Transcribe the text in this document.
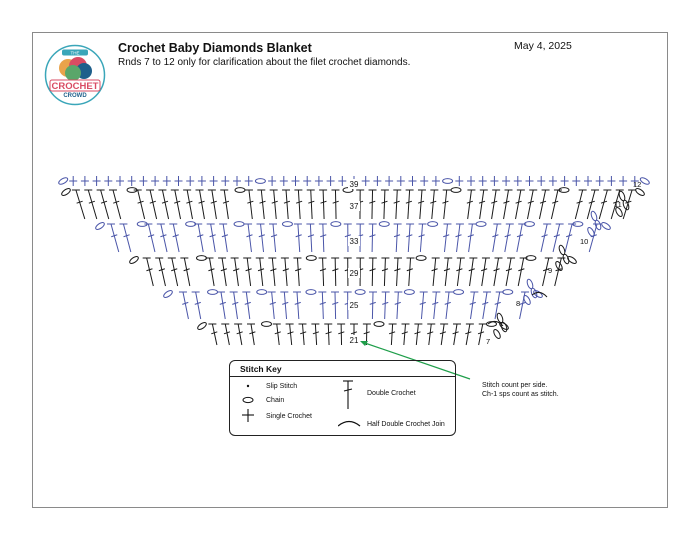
THE
CROCHET
CROWD
Crochet Baby Diamonds Blanket
Rnds 7 to 12 only for clarification about the filet crochet diamonds.
May 4, 2025
21
25
29
33
37
39
7
8
9
10
11
12
Stitch count per side.
Ch-1 sps count as stitch.
Stitch Key
Slip Stitch
Chain
Single Crochet
Double Crochet
Half Double Crochet Join
